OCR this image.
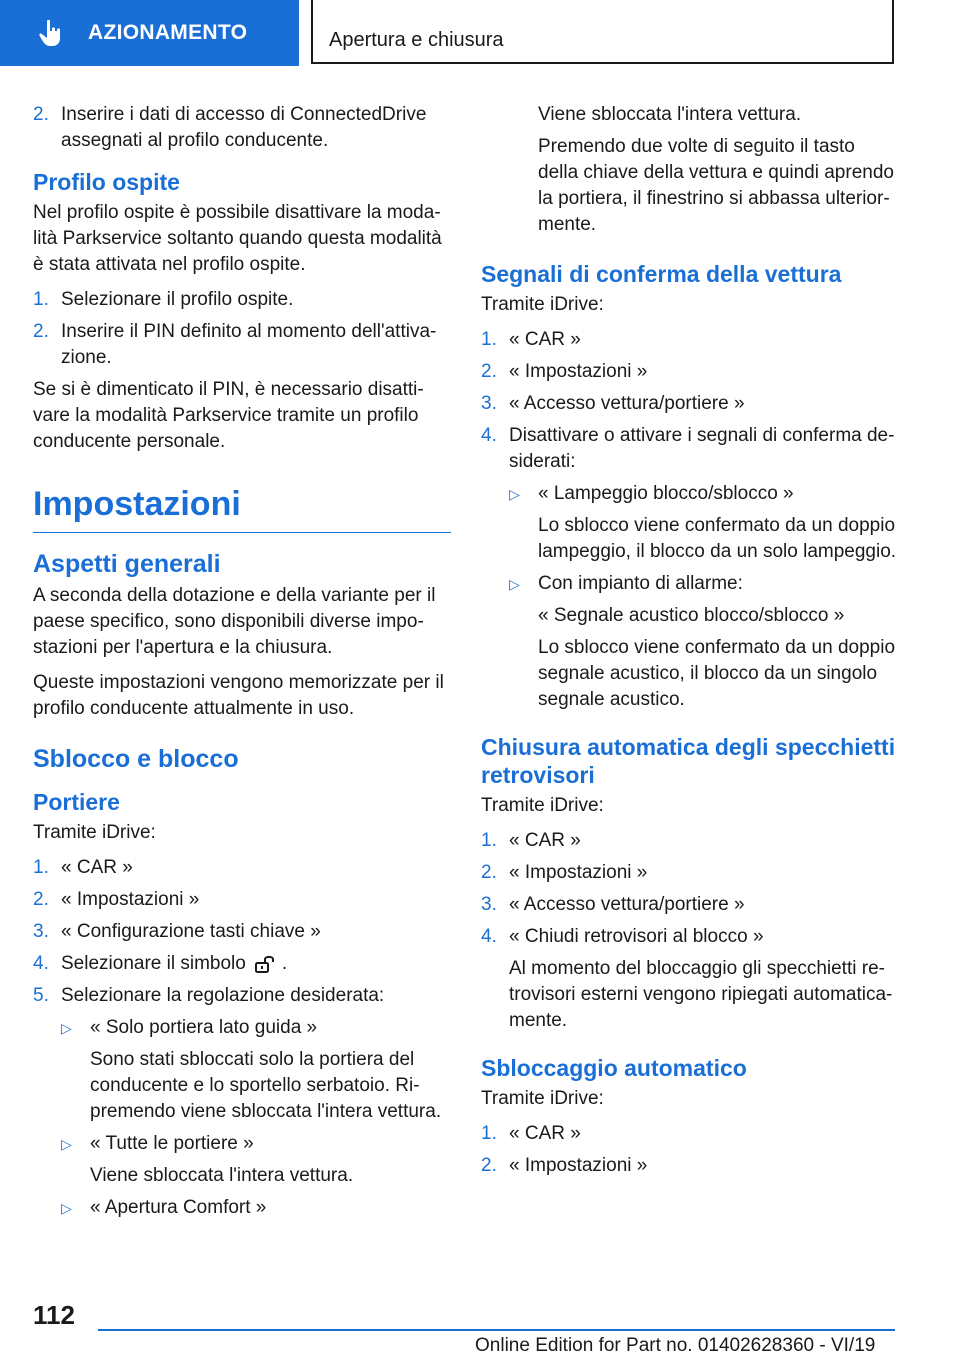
AZIONAMENTO	Apertura e chiusura
2. Inserire i dati di accesso di ConnectedDrive assegnati al profilo conducente.
Profilo ospite

Nel profilo ospite è possibile disattivare la modalità Parkservice soltanto quando questa modalità è stata attivata nel profilo ospite.

1. Selezionare il profilo ospite.
2. Inserire il PIN definito al momento dell'attivazione.

Se si è dimenticato il PIN, è necessario disattivare la modalità Parkservice tramite un profilo conducente personale.

Impostazioni
Aspetti generali

A seconda della dotazione e della variante per il paese specifico, sono disponibili diverse impostazioni per l'apertura e la chiusura.

Queste impostazioni vengono memorizzate per il profilo conducente attualmente in uso.

Sblocco e blocco
Portiere

Tramite iDrive:

1. « CAR »
2. « Impostazioni »
3. « Configurazione tasti chiave »
4. Selezionare il simbolo .
5. Selezionare la regolazione desiderata:
▷ « Solo portiera lato guida »
Sono stati sbloccati solo la portiera del conducente e lo sportello serbatoio. Ripremendo viene sbloccata l'intera vettura.
▷ « Tutte le portiere »
Viene sbloccata l'intera vettura.
▷ « Apertura Comfort »
Viene sbloccata l'intera vettura.
Premendo due volte di seguito il tasto della chiave della vettura e quindi aprendo la portiera, il finestrino si abbassa ulteriormente.
Segnali di conferma della vettura

Tramite iDrive:

1. « CAR »
2. « Impostazioni »
3. « Accesso vettura/portiere »
4. Disattivare o attivare i segnali di conferma desiderati:
▷ « Lampeggio blocco/sblocco »
Lo sblocco viene confermato da un doppio lampeggio, il blocco da un solo lampeggio.
▷ Con impianto di allarme:
« Segnale acustico blocco/sblocco »
Lo sblocco viene confermato da un doppio segnale acustico, il blocco da un singolo segnale acustico.
Chiusura automatica degli specchietti retrovisori

Tramite iDrive:

1. « CAR »
2. « Impostazioni »
3. « Accesso vettura/portiere »
4. « Chiudi retrovisori al blocco »
Al momento del bloccaggio gli specchietti retrovisori esterni vengono ripiegati automaticamente.
Sbloccaggio automatico

Tramite iDrive:

1. « CAR »
2. « Impostazioni »
112
Online Edition for Part no. 01402628360 - VI/19
